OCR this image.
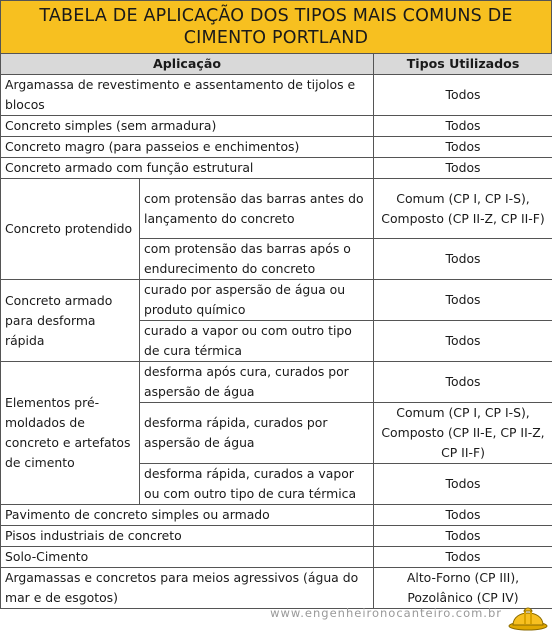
TABELA DE APLICAÇÃO DOS TIPOS MAIS COMUNS DE CIMENTO PORTLAND
Aplicação		Tipos Utilizados
Argamassa de revestimento e assentamento de tijolos e blocos		Todos
Concreto simples (sem armadura)		Todos
Concreto magro (para passeios e enchimentos)		Todos
Concreto armado com função estrutural		Todos
Concreto protendido	com protensão das barras antes do lançamento do concreto	Comum (CP I, CP I-S), Composto (CP II-Z, CP II-F)
	com protensão das barras após o endurecimento do concreto	Todos
Concreto armado para desforma rápida	curado por aspersão de água ou produto químico	Todos
	curado a vapor ou com outro tipo de cura térmica	Todos
Elementos pré-moldados de concreto e artefatos de cimento	desforma após cura, curados por aspersão de água	Todos
	desforma rápida, curados por aspersão de água	Comum (CP I, CP I-S), Composto (CP II-E, CP II-Z, CP II-F)
	desforma rápida, curados a vapor ou com outro tipo de cura térmica	Todos
Pavimento de concreto simples ou armado		Todos
Pisos industriais de concreto		Todos
Solo-Cimento		Todos
Argamassas e concretos para meios agressivos (água do mar e de esgotos)		Alto-Forno (CP III), Pozolânico (CP IV)
www.engenheironocanteiro.com.br
